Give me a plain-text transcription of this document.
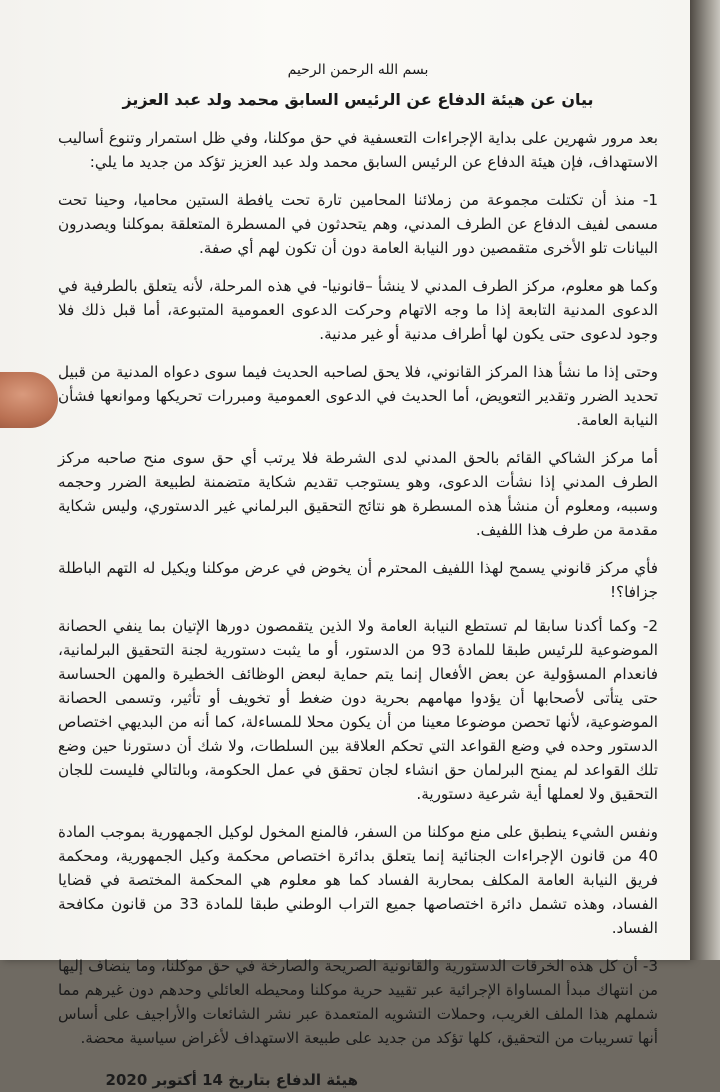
بسم الله الرحمن الرحيم
بيان عن هيئة الدفاع عن الرئيس السابق محمد ولد عبد العزيز

بعد مرور شهرين على بداية الإجراءات التعسفية في حق موكلنا، وفي ظل استمرار وتنوع أساليب الاستهداف، فإن هيئة الدفاع عن الرئيس السابق محمد ولد عبد العزيز تؤكد من جديد ما يلي:

1- منذ أن تكتلت مجموعة من زملائنا المحامين تارة تحت يافطة الستين محاميا، وحينا تحت مسمى لفيف الدفاع عن الطرف المدني، وهم يتحدثون في المسطرة المتعلقة بموكلنا ويصدرون البيانات تلو الأخرى متقمصين دور النيابة العامة دون أن تكون لهم أي صفة.

وكما هو معلوم، مركز الطرف المدني لا ينشأ –قانونيا- في هذه المرحلة، لأنه يتعلق بالطرفية في الدعوى المدنية التابعة إذا ما وجه الاتهام وحركت الدعوى العمومية المتبوعة، أما قبل ذلك فلا وجود لدعوى حتى يكون لها أطراف مدنية أو غير مدنية.

وحتى إذا ما نشأ هذا المركز القانوني، فلا يحق لصاحبه الحديث فيما سوى دعواه المدنية من قبيل تحديد الضرر وتقدير التعويض، أما الحديث في الدعوى العمومية ومبررات تحريكها وموانعها فشأن النيابة العامة.

أما مركز الشاكي القائم بالحق المدني لدى الشرطة فلا يرتب أي حق سوى منح صاحبه مركز الطرف المدني إذا نشأت الدعوى، وهو يستوجب تقديم شكاية متضمنة لطبيعة الضرر وحجمه وسببه، ومعلوم أن منشأ هذه المسطرة هو نتائج التحقيق البرلماني غير الدستوري، وليس شكاية مقدمة من طرف هذا اللفيف.

فأي مركز قانوني يسمح لهذا اللفيف المحترم أن يخوض في عرض موكلنا ويكيل له التهم الباطلة جزافا؟!

2- وكما أكدنا سابقا لم تستطع النيابة العامة ولا الذين يتقمصون دورها الإتيان بما ينفي الحصانة الموضوعية للرئيس طبقا للمادة 93 من الدستور، أو ما يثبت دستورية لجنة التحقيق البرلمانية، فانعدام المسؤولية عن بعض الأفعال إنما يتم حماية لبعض الوظائف الخطيرة والمهن الحساسة حتى يتأتى لأصحابها أن يؤدوا مهامهم بحرية دون ضغط أو تخويف أو تأثير، وتسمى الحصانة الموضوعية، لأنها تحصن موضوعا معينا من أن يكون محلا للمساءلة، كما أنه من البديهي اختصاص الدستور وحده في وضع القواعد التي تحكم العلاقة بين السلطات، ولا شك أن دستورنا حين وضع تلك القواعد لم يمنح البرلمان حق انشاء لجان تحقق في عمل الحكومة، وبالتالي فليست للجان التحقيق ولا لعملها أية شرعية دستورية.

ونفس الشيء ينطبق على منع موكلنا من السفر، فالمنع المخول لوكيل الجمهورية بموجب المادة 40 من قانون الإجراءات الجنائية إنما يتعلق بدائرة اختصاص محكمة وكيل الجمهورية، ومحكمة فريق النيابة العامة المكلف بمحاربة الفساد كما هو معلوم هي المحكمة المختصة في قضايا الفساد، وهذه تشمل دائرة اختصاصها جميع التراب الوطني طبقا للمادة 33 من قانون مكافحة الفساد.

3- أن كل هذه الخرقات الدستورية والقانونية الصريحة والصارخة في حق موكلنا، وما ينضاف إليها من انتهاك مبدأ المساواة الإجرائية عبر تقييد حرية موكلنا ومحيطه العائلي وحدهم دون غيرهم مما شملهم هذا الملف الغريب، وحملات التشويه المتعمدة عبر نشر الشائعات والأراجيف على أساس أنها تسريبات من التحقيق، كلها تؤكد من جديد على طبيعة الاستهداف لأغراض سياسية محضة.

هيئة الدفاع بتاريخ 14 أكتوبر 2020
